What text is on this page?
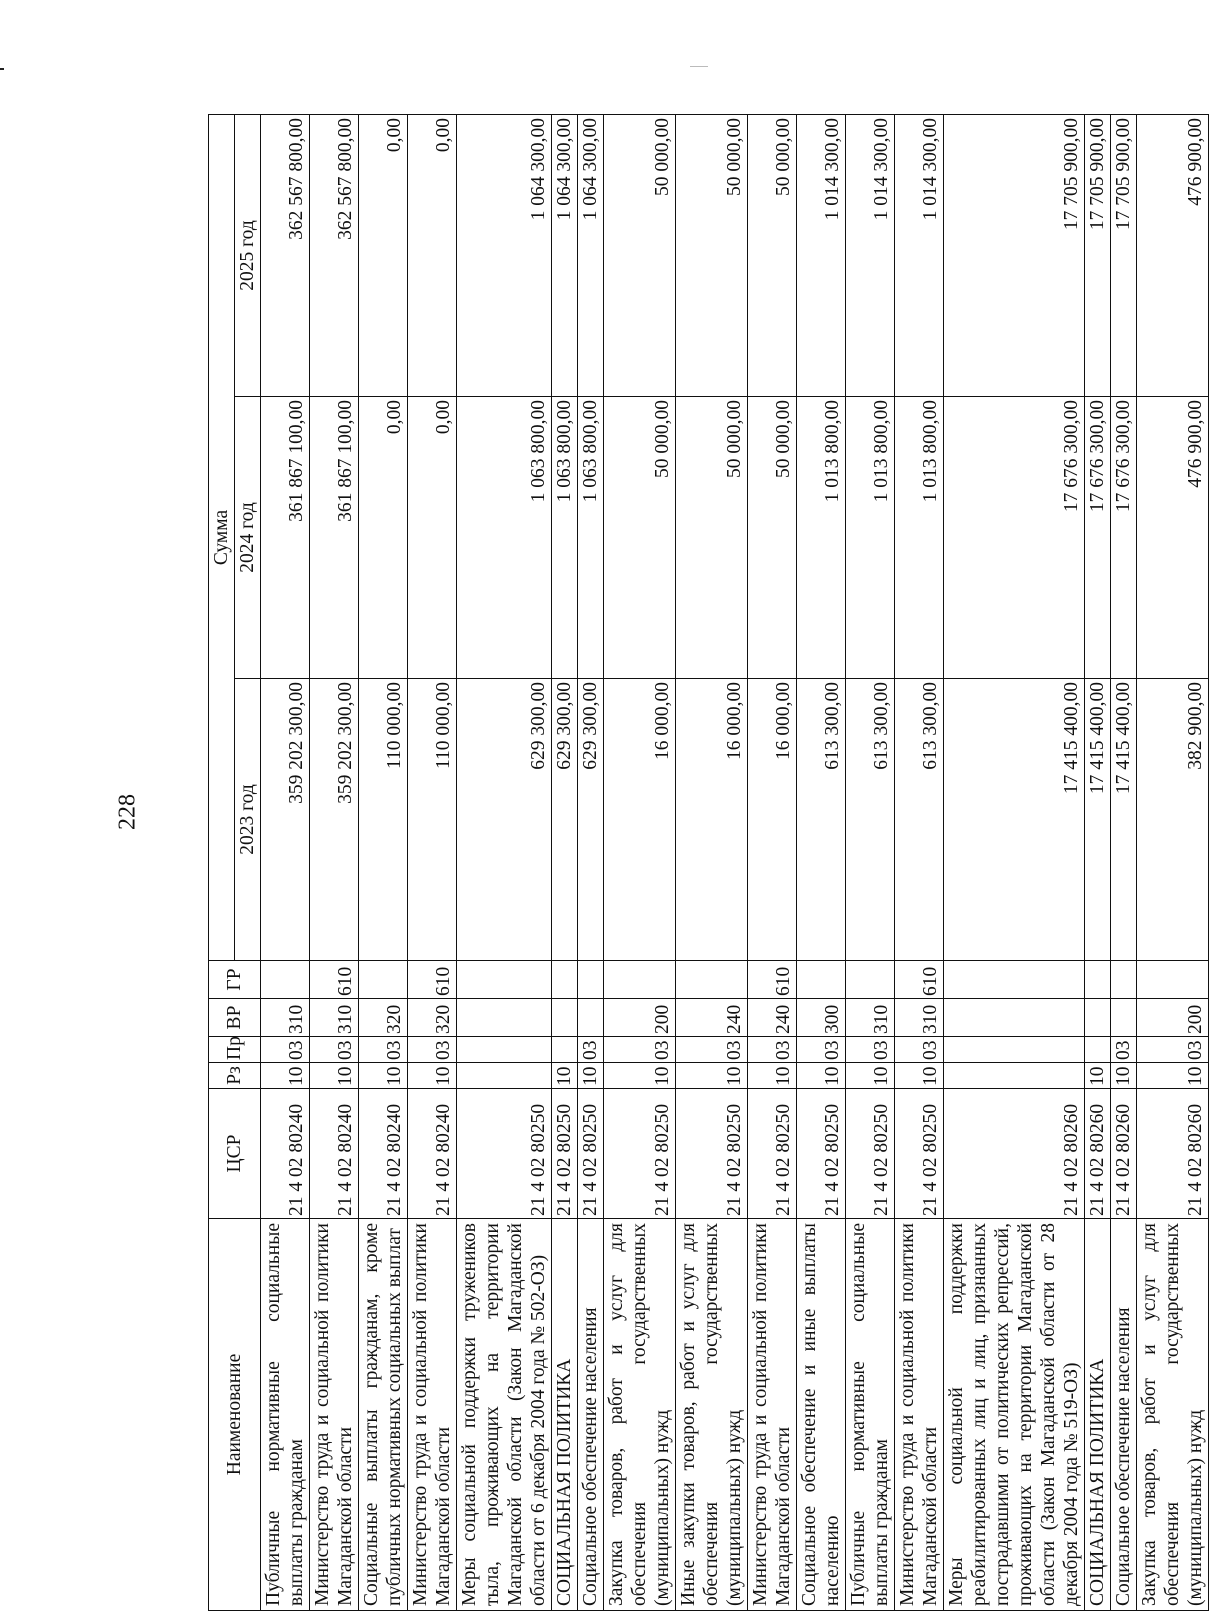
228
Наименование	ЦСР	Рз	Пр	ВР	ГР	Сумма		
						2023 год	2024 год	2025 год
Публичные нормативные социальные выплаты гражданам	21 4 02 80240	10	03	310		359 202 300,00	361 867 100,00	362 567 800,00
Министерство труда и социальной политики Магаданской области	21 4 02 80240	10	03	310	610	359 202 300,00	361 867 100,00	362 567 800,00
Социальные выплаты гражданам, кроме публичных нормативных социальных выплат	21 4 02 80240	10	03	320		110 000,00	0,00	0,00
Министерство труда и социальной политики Магаданской области	21 4 02 80240	10	03	320	610	110 000,00	0,00	0,00
Меры социальной поддержки тружеников тыла, проживающих на территории Магаданской области (Закон Магаданской области от 6 декабря 2004 года № 502-ОЗ)	21 4 02 80250					629 300,00	1 063 800,00	1 064 300,00
СОЦИАЛЬНАЯ ПОЛИТИКА	21 4 02 80250	10				629 300,00	1 063 800,00	1 064 300,00
Социальное обеспечение населения	21 4 02 80250	10	03			629 300,00	1 063 800,00	1 064 300,00
Закупка товаров, работ и услуг для обеспечения государственных (муниципальных) нужд	21 4 02 80250	10	03	200		16 000,00	50 000,00	50 000,00
Иные закупки товаров, работ и услуг для обеспечения государственных (муниципальных) нужд	21 4 02 80250	10	03	240		16 000,00	50 000,00	50 000,00
Министерство труда и социальной политики Магаданской области	21 4 02 80250	10	03	240	610	16 000,00	50 000,00	50 000,00
Социальное обеспечение и иные выплаты населению	21 4 02 80250	10	03	300		613 300,00	1 013 800,00	1 014 300,00
Публичные нормативные социальные выплаты гражданам	21 4 02 80250	10	03	310		613 300,00	1 013 800,00	1 014 300,00
Министерство труда и социальной политики Магаданской области	21 4 02 80250	10	03	310	610	613 300,00	1 013 800,00	1 014 300,00
Меры социальной поддержки реабилитированных лиц и лиц, признанных пострадавшими от политических репрессий, проживающих на территории Магаданской области (Закон Магаданской области от 28 декабря 2004 года № 519-ОЗ)	21 4 02 80260					17 415 400,00	17 676 300,00	17 705 900,00
СОЦИАЛЬНАЯ ПОЛИТИКА	21 4 02 80260	10				17 415 400,00	17 676 300,00	17 705 900,00
Социальное обеспечение населения	21 4 02 80260	10	03			17 415 400,00	17 676 300,00	17 705 900,00
Закупка товаров, работ и услуг для обеспечения государственных (муниципальных) нужд	21 4 02 80260	10	03	200		382 900,00	476 900,00	476 900,00
